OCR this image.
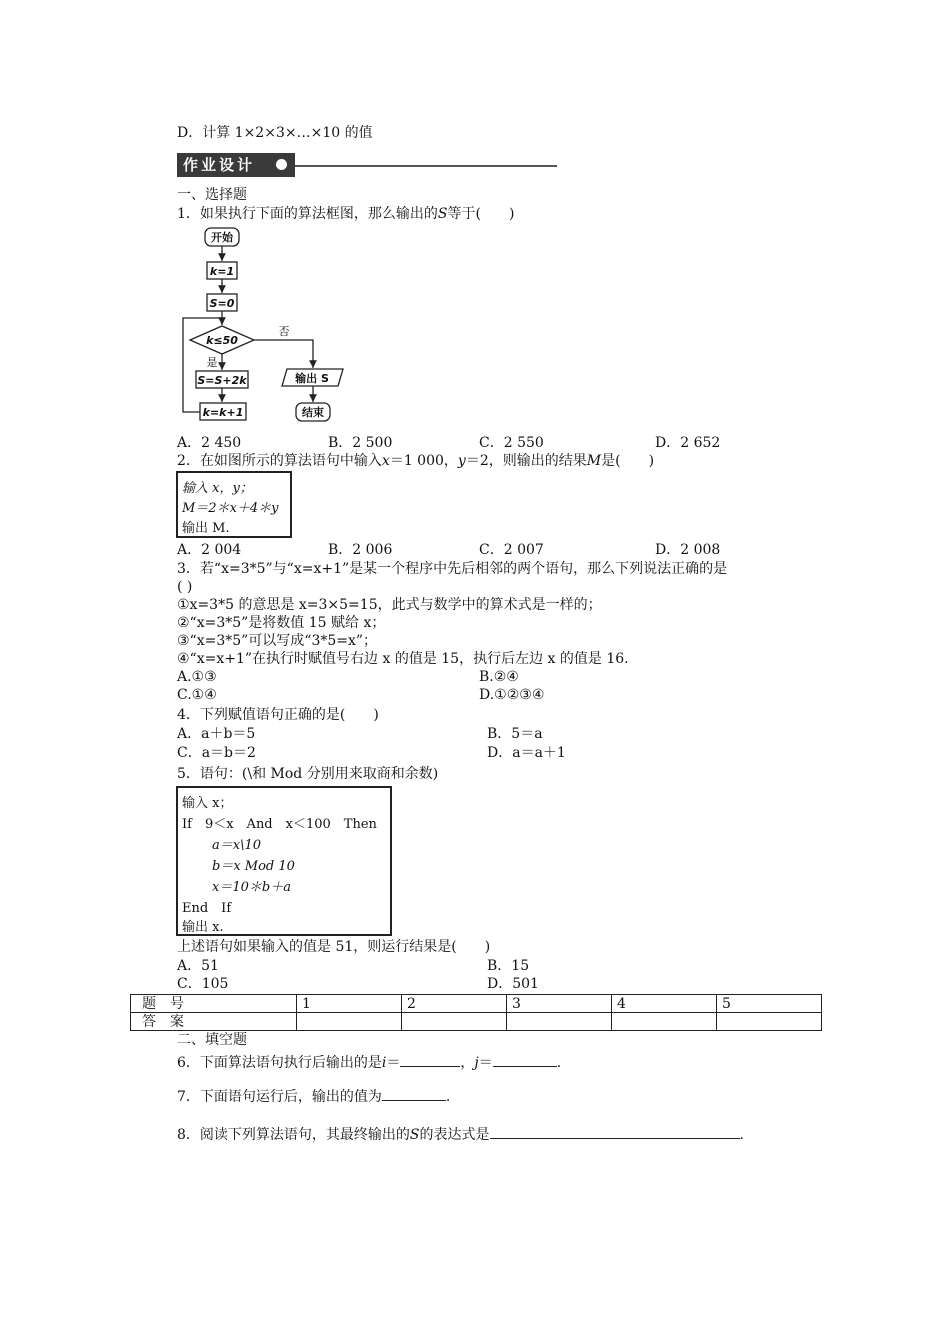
D．计算 1×2×3×…×10 的值
作业设计
一、选择题
1．如果执行下面的算法框图，那么输出的S等于(　　)
开始
k=1
S=0
k≤50
S=S+2k
k=k+1
输出 S
结束
否
是
A．2 450	B．2 500	C．2 550	D．2 652
2．在如图所示的算法语句中输入x＝1 000，y＝2，则输出的结果M是(　　)
输入 x，y；
M＝2＊x＋4＊y
输出 M.
A．2 004	B．2 006	C．2 007	D．2 008
3．若“x=3*5”与“x=x+1”是某一个程序中先后相邻的两个语句，那么下列说法正确的是
( )
①x=3*5 的意思是 x=3×5=15，此式与数学中的算术式是一样的；
②“x=3*5”是将数值 15 赋给 x；
③“x=3*5”可以写成“3*5=x”；
④“x=x+1”在执行时赋值号右边 x 的值是 15，执行后左边 x 的值是 16.
A.①③	B.②④
C.①④	D.①②③④
4．下列赋值语句正确的是(　　)
A．a＋b＝5	B．5＝a
C．a＝b＝2	D．a＝a＋1
5．语句：(\和 Mod 分别用来取商和余数)
输入 x；
If　9＜x　And　x＜100　Then
a＝x\10
b＝x Mod 10
x＝10＊b＋a
End　If
输出 x.
上述语句如果输入的值是 51，则运行结果是(　　)
A．51	B．15
C．105	D．501
题　号	1	2	3	4	5
答　案					
二、填空题
6．下面算法语句执行后输出的是i＝	，j＝	.
7．下面语句运行后，输出的值为	.
8．阅读下列算法语句，其最终输出的S的表达式是	.
